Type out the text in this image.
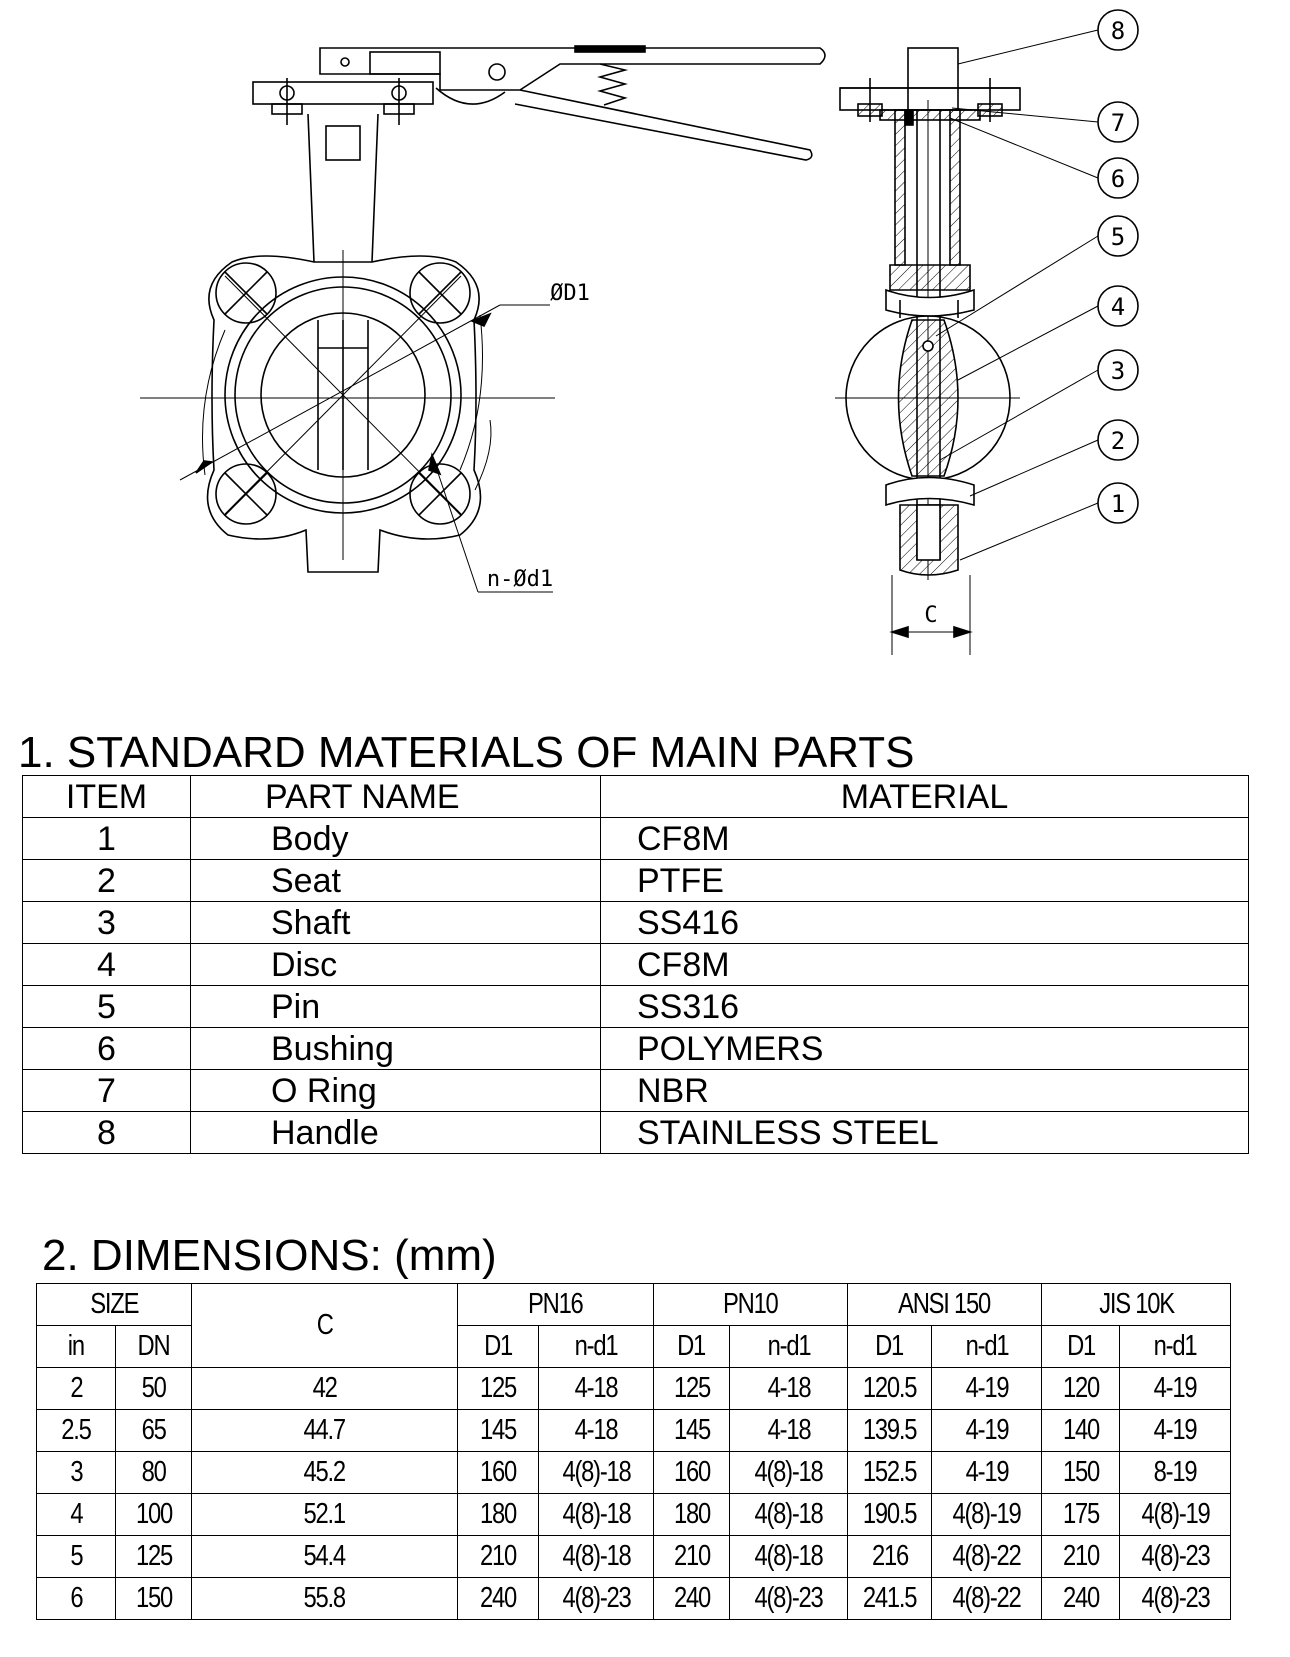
8
7
6
5
4
3
2
1
ØD1
n-Ød1
C
1. STANDARD MATERIALS OF MAIN PARTS
ITEM	PART NAME	MATERIAL
1	Body	CF8M
2	Seat	PTFE
3	Shaft	SS416
4	Disc	CF8M
5	Pin	SS316
6	Bushing	POLYMERS
7	O Ring	NBR
8	Handle	STAINLESS STEEL
2. DIMENSIONS: (mm)
SIZE		C	PN16		PN10		ANSI 150		JIS 10K	
in	DN		D1	n-d1	D1	n-d1	D1	n-d1	D1	n-d1
2	50	42	125	4-18	125	4-18	120.5	4-19	120	4-19
2.5	65	44.7	145	4-18	145	4-18	139.5	4-19	140	4-19
3	80	45.2	160	4(8)-18	160	4(8)-18	152.5	4-19	150	8-19
4	100	52.1	180	4(8)-18	180	4(8)-18	190.5	4(8)-19	175	4(8)-19
5	125	54.4	210	4(8)-18	210	4(8)-18	216	4(8)-22	210	4(8)-23
6	150	55.8	240	4(8)-23	240	4(8)-23	241.5	4(8)-22	240	4(8)-23
